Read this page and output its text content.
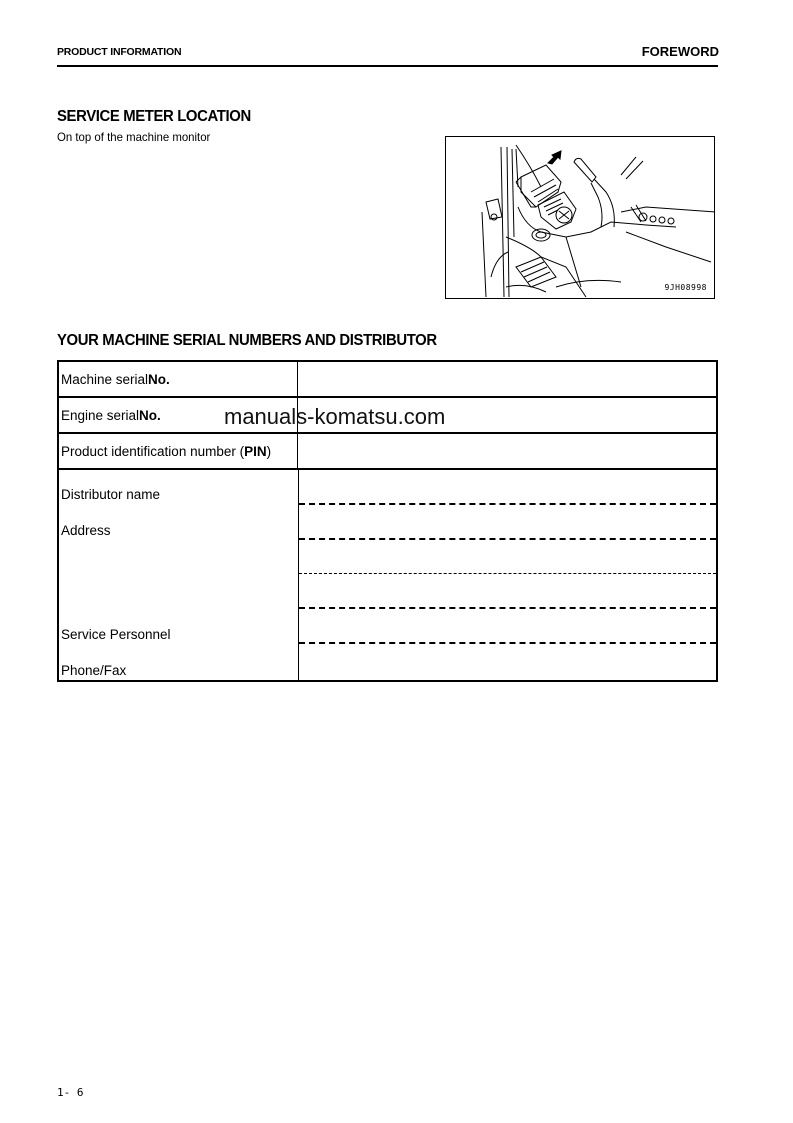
PRODUCT INFORMATION	FOREWORD
SERVICE METER LOCATION
On top of the machine monitor
9JH08998
YOUR MACHINE SERIAL NUMBERS AND DISTRIBUTOR
Machine serial No.
Engine serial No.
Product identification number ( PIN )
Distributor name
Address
Service Personnel
Phone/Fax
manuals-komatsu.com
1- 6
